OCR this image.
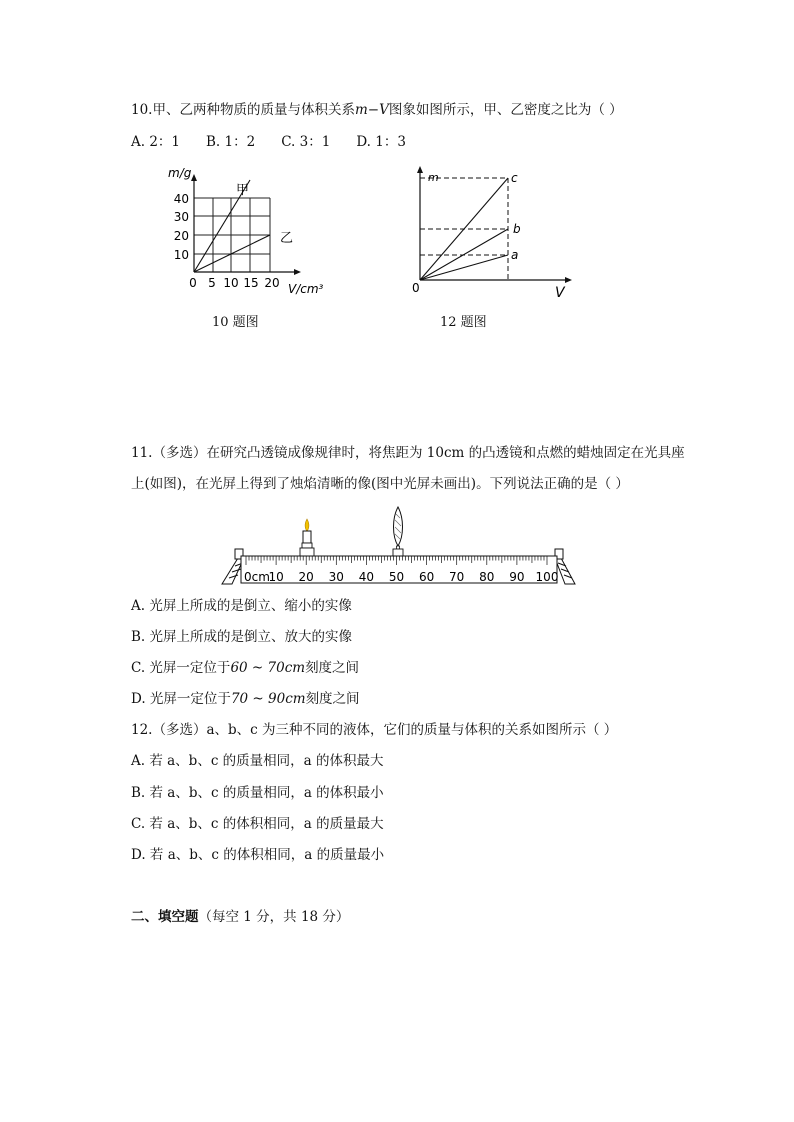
10.甲、乙两种物质的质量与体积关系m−V图象如图所示，甲、乙密度之比为（ ）
A. 2：1 B. 1：2 C. 3：1 D. 1：3
m/g
甲
乙
40
30
20
10
0 5 10 15 20 V/cm³
10 题图
m	c
b
a
0	V
12 题图
11.（多选）在研究凸透镜成像规律时，将焦距为 10cm 的凸透镜和点燃的蜡烛固定在光具座
上(如图)，在光屏上得到了烛焰清晰的像(图中光屏未画出)。下列说法正确的是（ ）
0cm
10 20 30 40 50 60 70 80 90 100
A. 光屏上所成的是倒立、缩小的实像
B. 光屏上所成的是倒立、放大的实像
C. 光屏一定位于60 ~ 70cm刻度之间
D. 光屏一定位于70 ~ 90cm刻度之间
12.（多选）a、b、c 为三种不同的液体，它们的质量与体积的关系如图所示（ ）
A. 若 a、b、c 的质量相同，a 的体积最大
B. 若 a、b、c 的质量相同，a 的体积最小
C. 若 a、b、c 的体积相同，a 的质量最大
D. 若 a、b、c 的体积相同，a 的质量最小
二、填空题（每空 1 分，共 18 分）
